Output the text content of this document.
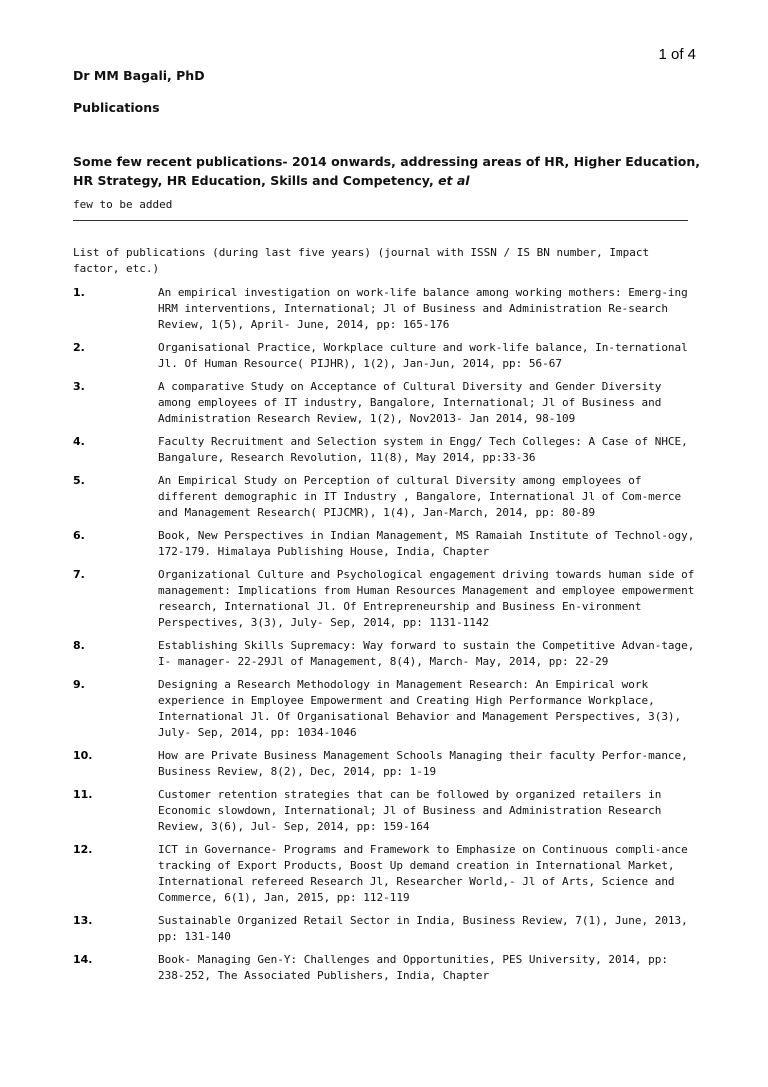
1 of 4
Dr MM Bagali, PhD
Publications
Some few recent publications- 2014 onwards, addressing areas of HR, Higher Education, HR Strategy, HR Education, Skills and Competency, et al
few to be added
List of publications (during last five years) (journal with ISSN / IS BN number, Impact factor, etc.)
1.	An empirical investigation on work-life balance among working mothers: Emerg-ing HRM interventions, International; Jl of Business and Administration Re-search Review, 1(5), April- June, 2014, pp: 165-176
2.	Organisational Practice, Workplace culture and work-life balance, In-ternational Jl. Of Human Resource( PIJHR), 1(2), Jan-Jun, 2014, pp: 56-67
3.	A comparative Study on Acceptance of Cultural Diversity and Gender Diversity among employees of IT industry, Bangalore, International; Jl of Business and Administration Research Review, 1(2), Nov2013- Jan 2014, 98-109
4.	Faculty Recruitment and Selection system in Engg/ Tech Colleges: A Case of NHCE, Bangalure, Research Revolution, 11(8), May 2014, pp:33-36
5.	An Empirical Study on Perception of cultural Diversity among employees of different demographic in IT Industry , Bangalore, International Jl of Com-merce and Management Research( PIJCMR), 1(4), Jan-March, 2014, pp: 80-89
6.	Book, New Perspectives in Indian Management, MS Ramaiah Institute of Technol-ogy, 172-179. Himalaya Publishing House, India, Chapter
7.	Organizational Culture and Psychological engagement driving towards human side of management: Implications from Human Resources Management and employee empowerment research, International Jl. Of Entrepreneurship and Business En-vironment Perspectives, 3(3), July- Sep, 2014, pp: 1131-1142
8.	Establishing Skills Supremacy: Way forward to sustain the Competitive Advan-tage, I- manager- 22-29Jl of Management, 8(4), March- May, 2014, pp: 22-29
9.	Designing a Research Methodology in Management Research: An Empirical work experience in Employee Empowerment and Creating High Performance Workplace, International Jl. Of Organisational Behavior and Management Perspectives, 3(3), July- Sep, 2014, pp: 1034-1046
10.	How are Private Business Management Schools Managing their faculty Perfor-mance, Business Review, 8(2), Dec, 2014, pp: 1-19
11.	Customer retention strategies that can be followed by organized retailers in Economic slowdown, International; Jl of Business and Administration Research Review, 3(6), Jul- Sep, 2014, pp: 159-164
12.	ICT in Governance- Programs and Framework to Emphasize on Continuous compli-ance tracking of Export Products, Boost Up demand creation in International Market, International refereed Research Jl, Researcher World,- Jl of Arts, Science and Commerce, 6(1), Jan, 2015, pp: 112-119
13.	Sustainable Organized Retail Sector in India, Business Review, 7(1), June, 2013, pp: 131-140
14.	Book- Managing Gen-Y: Challenges and Opportunities, PES University, 2014, pp: 238-252, The Associated Publishers, India, Chapter
